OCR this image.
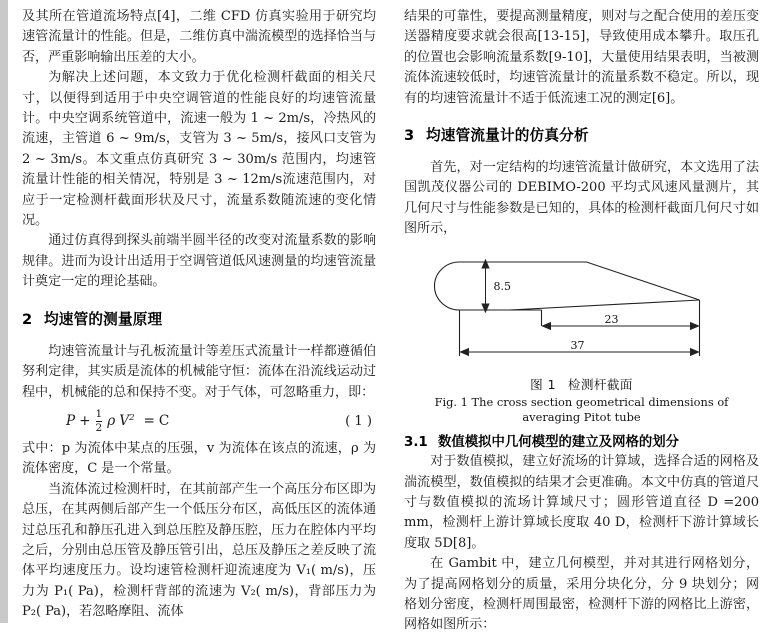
及其所在管道流场特点[4]，二维 CFD 仿真实验用于研究均速管流量计的性能。但是，二维仿真中湍流模型的选择恰当与否，严重影响输出压差的大小。

为解决上述问题，本文致力于优化检测杆截面的相关尺寸，以便得到适用于中央空调管道的性能良好的均速管流量计。中央空调系统管道中，流速一般为 1 ~ 2m/s，冷热风的流速，主管道 6 ~ 9m/s，支管为 3 ~ 5m/s，接风口支管为 2 ~ 3m/s。本文重点仿真研究 3 ~ 30m/s 范围内，均速管流量计性能的相关情况，特别是 3 ~ 12m/s流速范围内，对应于一定检测杆截面形状及尺寸，流量系数随流速的变化情况。

通过仿真得到探头前端半圆半径的改变对流量系数的影响规律。进而为设计出适用于空调管道低风速测量的均速管流量计奠定一定的理论基础。

2 均速管的测量原理

均速管流量计与孔板流量计等差压式流量计一样都遵循伯努利定律，其实质是流体的机械能守恒：流体在沿流线运动过程中，机械能的总和保持不变。对于气体，可忽略重力，即：

$P + \frac{1}{2}$ ρ V$^2$ = C	( 1 )

式中：p 为流体中某点的压强，v 为流体在该点的流速，ρ 为流体密度，C 是一个常量。

当流体流过检测杆时，在其前部产生一个高压分布区即为总压，在其两侧后部产生一个低压分布区，高低压区的流体通过总压孔和静压孔进入到总压腔及静压腔，压力在腔体内平均之后，分别由总压管及静压管引出，总压及静压之差反映了流体平均速度压力。设均速管检测杆迎流速度为 V₁( m/s)，压力为 P₁( Pa)，检测杆背部的流速为 V₂( m/s)，背部压力为 P₂( Pa)，若忽略摩阻、流体

结果的可靠性，要提高测量精度，则对与之配合使用的差压变送器精度要求就会很高[13-15]，导致使用成本攀升。取压孔的位置也会影响流量系数[9-10]，大量使用结果表明，当被测流体流速较低时，均速管流量计的流量系数不稳定。所以，现有的均速管流量计不适于低流速工况的测定[6]。

3 均速管流量计的仿真分析

首先，对一定结构的均速管流量计做研究，本文选用了法国凯茂仪器公司的 DEBIMO-200 平均式风速风量测片，其几何尺寸与性能参数是已知的，具体的检测杆截面几何尺寸如图所示，

8.5
23
37
图 1 检测杆截面
Fig. 1 The cross section geometrical dimensions of
averaging Pitot tube
3.1 数值模拟中几何模型的建立及网格的划分

对于数值模拟，建立好流场的计算域，选择合适的网格及湍流模型，数值模拟的结果才会更准确。本文中仿真的管道尺寸与数值模拟的流场计算域尺寸；圆形管道直径 D =200 mm，检测杆上游计算域长度取 40 D，检测杆下游计算域长度取 5D[8]。

在 Gambit 中，建立几何模型，并对其进行网格划分，为了提高网格划分的质量，采用分块化分，分 9 块划分；网格划分密度，检测杆周围最密，检测杆下游的网格比上游密，网格如图所示：
